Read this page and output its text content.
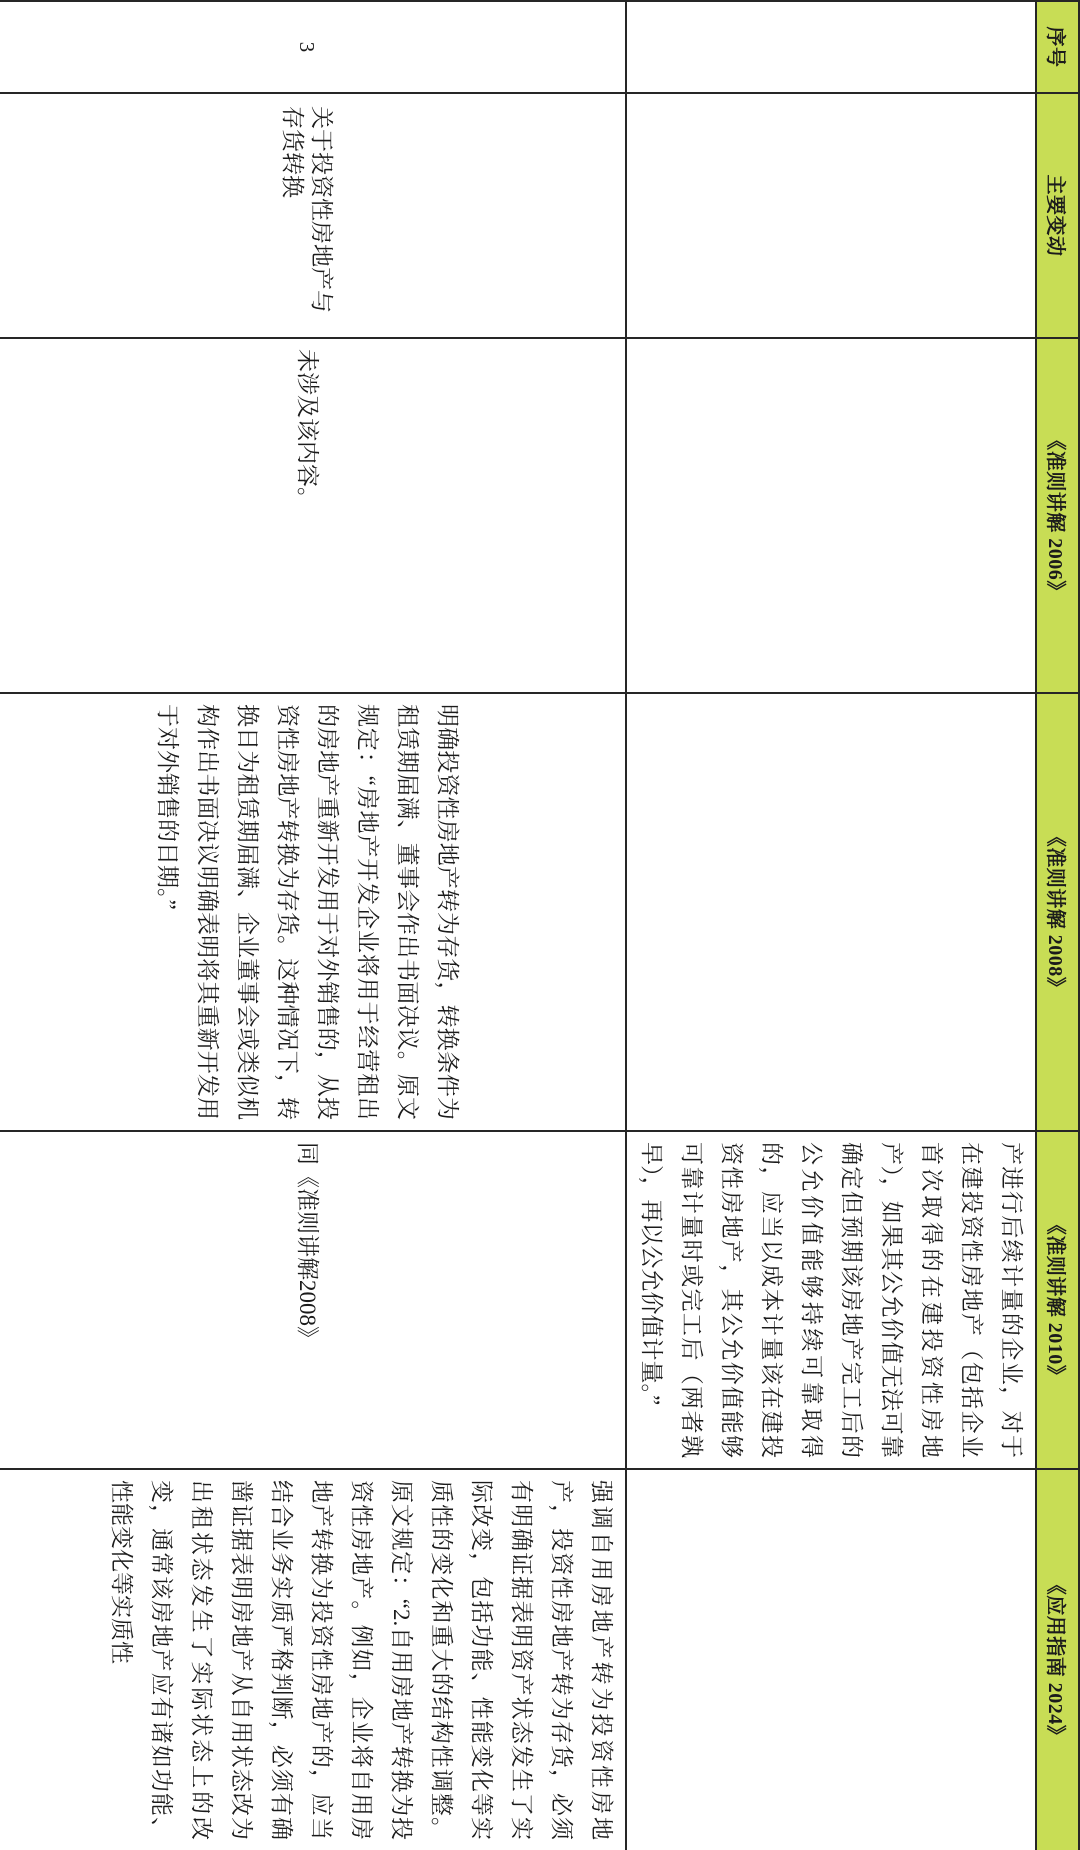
序号	主要变动	《准则讲解 2006》	《准则讲解 2008》	《准则讲解 2010》	《应用指南 2024》
				产进行后续计量的企业，对于在建投资性房地产（包括企业首次取得的在建投资性房地产），如果其公允价值无法可靠确定但预期该房地产完工后的公允价值能够持续可靠取得的，应当以成本计量该在建投资性房地产，其公允价值能够可靠计量时或完工后（两者孰早），再以公允价值计量。”	
3	关于投资性房地产与存货转换	未涉及该内容。	明确投资性房地产转为存货，转换条件为租赁期届满、董事会作出书面决议。原文规定：“房地产开发企业将用于经营租出的房地产重新开发用于对外销售的，从投资性房地产转换为存货。这种情况下，转换日为租赁期届满、企业董事会或类似机构作出书面决议明确表明将其重新开发用于对外销售的日期。”	同《准则讲解2008》	强调自用房地产转为投资性房地产，投资性房地产转为存货，必须有明确证据表明资产状态发生了实际改变，包括功能、性能变化等实质性的变化和重大的结构性调整。原文规定：“2.自用房地产转换为投资性房地产。例如，企业将自用房地产转换为投资性房地产的，应当结合业务实质严格判断，必须有确凿证据表明房地产从自用状态改为出租状态发生了实际状态上的改变，通常该房地产应有诸如功能、性能变化等实质性
